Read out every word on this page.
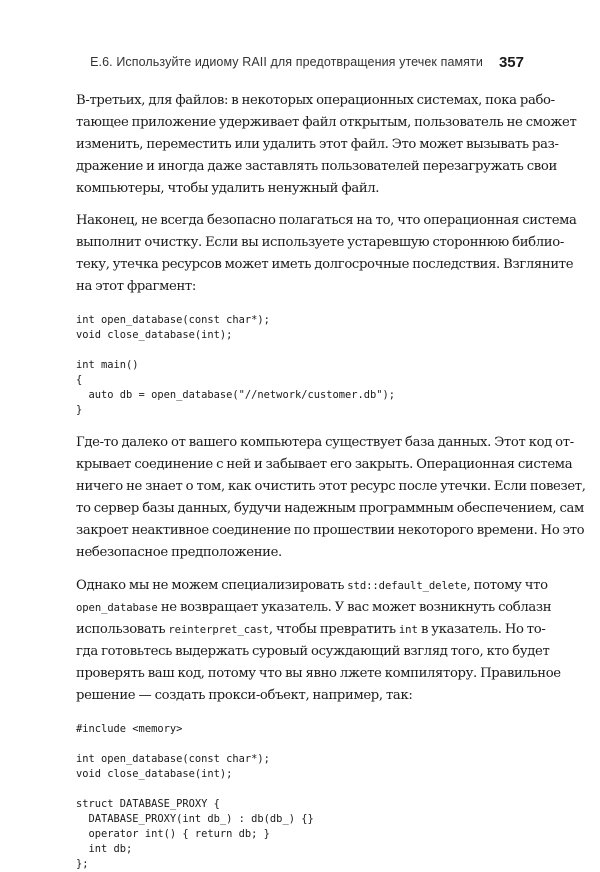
E.6. Используйте идиому RAII для предотвращения утечек памяти 357

В-третьих, для файлов: в некоторых операционных системах, пока рабо-
тающее приложение удерживает файл открытым, пользователь не сможет
изменить, переместить или удалить этот файл. Это может вызывать раз-
дражение и иногда даже заставлять пользователей перезагружать свои
компьютеры, чтобы удалить ненужный файл.

Наконец, не всегда безопасно полагаться на то, что операционная система
выполнит очистку. Если вы используете устаревшую стороннюю библио-
теку, утечка ресурсов может иметь долгосрочные последствия. Взгляните
на этот фрагмент:

int open_database(const char*);
void close_database(int);

int main()
{
auto db = open_database("//network/customer.db");
}

Где-то далеко от вашего компьютера существует база данных. Этот код от-
крывает соединение с ней и забывает его закрыть. Операционная система
ничего не знает о том, как очистить этот ресурс после утечки. Если повезет,
то сервер базы данных, будучи надежным программным обеспечением, сам
закроет неактивное соединение по прошествии некоторого времени. Но это
небезопасное предположение.

Однако мы не можем специализировать std::default_delete, потому что
open_database не возвращает указатель. У вас может возникнуть соблазн
использовать reinterpret_cast, чтобы превратить int в указатель. Но то-
гда готовьтесь выдержать суровый осуждающий взгляд того, кто будет
проверять ваш код, потому что вы явно лжете компилятору. Правильное
решение — создать прокси-объект, например, так:

#include <memory>

int open_database(const char*);
void close_database(int);

struct DATABASE_PROXY {
DATABASE_PROXY(int db_) : db(db_) {}
operator int() { return db; }
int db;
};
